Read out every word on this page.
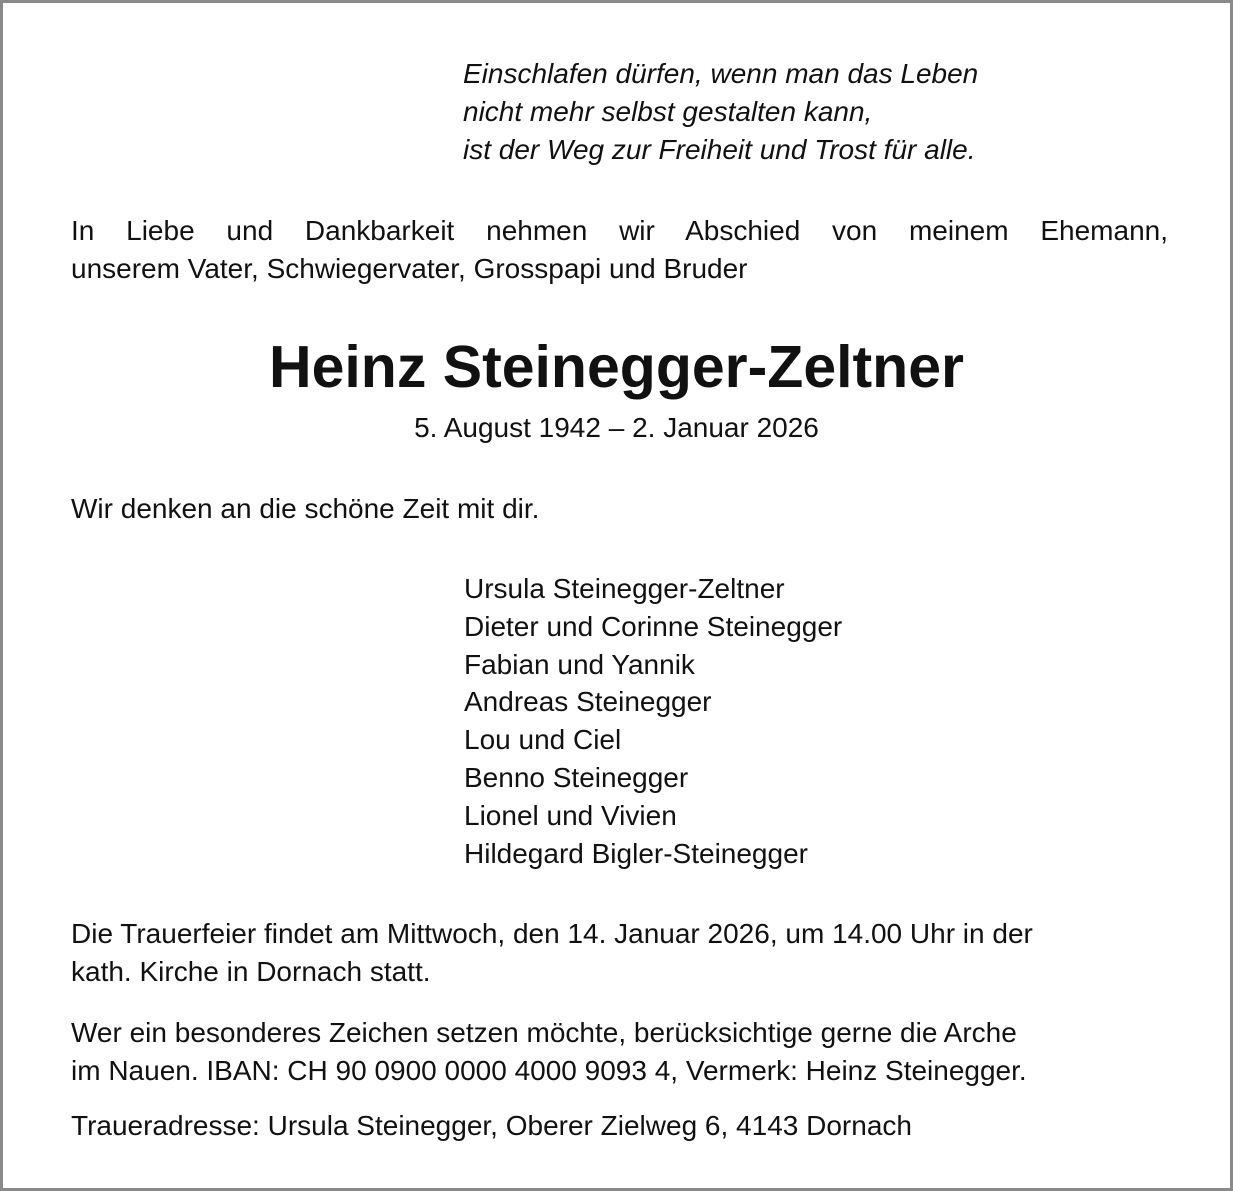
Einschlafen dürfen, wenn man das Leben
nicht mehr selbst gestalten kann,
ist der Weg zur Freiheit und Trost für alle.
In Liebe und Dankbarkeit nehmen wir Abschied von meinem Ehemann,
unserem Vater, Schwiegervater, Grosspapi und Bruder
Heinz Steinegger-Zeltner
5. August 1942 – 2. Januar 2026
Wir denken an die schöne Zeit mit dir.
Ursula Steinegger-Zeltner
Dieter und Corinne Steinegger
Fabian und Yannik
Andreas Steinegger
Lou und Ciel
Benno Steinegger
Lionel und Vivien
Hildegard Bigler-Steinegger
Die Trauerfeier findet am Mittwoch, den 14. Januar 2026, um 14.00 Uhr in der
kath. Kirche in Dornach statt.
Wer ein besonderes Zeichen setzen möchte, berücksichtige gerne die Arche
im Nauen. IBAN: CH 90 0900 0000 4000 9093 4, Vermerk: Heinz Steinegger.
Traueradresse: Ursula Steinegger, Oberer Zielweg 6, 4143 Dornach
